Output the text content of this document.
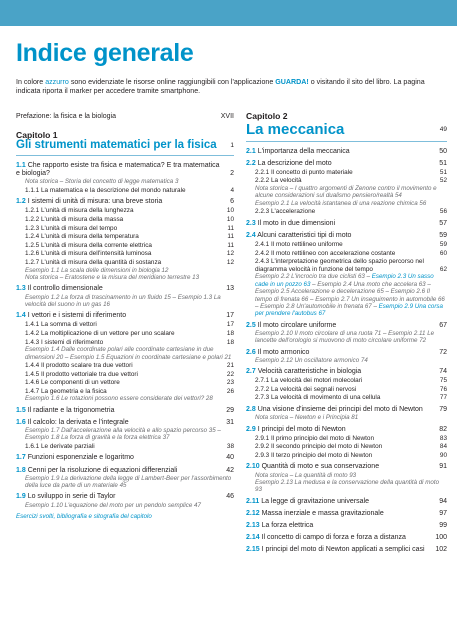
Indice generale
In colore azzurro sono evidenziate le risorse online raggiungibili con l'applicazione GUARDA! o visitando il sito del libro. La pagina indicata riporta il marker per accedere tramite smartphone.
Prefazione: la fisica e la biologia	XVII
Capitolo 1
Gli strumenti matematici per la fisica 1
1.1 Che rapporto esiste tra fisica e matematica? E tra matematica e biologia?	2
Nota storica – Storia del concetto di legge matematica 3
1.1.1 La matematica e la descrizione del mondo naturale	4
1.2 I sistemi di unità di misura: una breve storia	6
1.2.1 L'unità di misura della lunghezza	10
1.2.2 L'unità di misura della massa	10
1.2.3 L'unità di misura del tempo	11
1.2.4 L'unità di misura della temperatura	11
1.2.5 L'unità di misura della corrente elettrica	11
1.2.6 L'unità di misura dell'intensità luminosa	12
1.2.7 L'unità di misura della quantità di sostanza	12
Esempio 1.1 La scala delle dimensioni in biologia 12
Nota storica – Eratostene e la misura del meridiano terrestre 13
1.3 Il controllo dimensionale	13
Esempio 1.2 La forza di trascinamento in un fluido 15 – Esempio 1.3 La velocità del suono in un gas 16
1.4 I vettori e i sistemi di riferimento	17
1.4.1 La somma di vettori	17
1.4.2 La moltiplicazione di un vettore per uno scalare	18
1.4.3 I sistemi di riferimento	18
Esempio 1.4 Dalle coordinate polari alle coordinate cartesiane in due dimensioni 20 – Esempio 1.5 Equazioni in coordinate cartesiane e polari 21
1.4.4 Il prodotto scalare tra due vettori	21
1.4.5 Il prodotto vettoriale tra due vettori	22
1.4.6 Le componenti di un vettore	23
1.4.7 La geometria e la fisica	26
Esempio 1.6 Le rotazioni possono essere considerate dei vettori? 28
1.5 Il radiante e la trigonometria	29
1.6 Il calcolo: la derivata e l'integrale	31
Esempio 1.7 Dall'accelerazione alla velocità e allo spazio percorso 35 – Esempio 1.8 La forza di gravità e la forza elettrica 37
1.6.1 Le derivate parziali	38
1.7 Funzioni esponenziale e logaritmo	40
1.8 Cenni per la risoluzione di equazioni differenziali	42
Esempio 1.9 La derivazione della legge di Lambert-Beer per l'assorbimento della luce da parte di un materiale 45
1.9 Lo sviluppo in serie di Taylor	46
Esempio 1.10 L'equazione del moto per un pendolo semplice 47
Esercizi svolti, bibliografia e sitografia del capitolo
Capitolo 2
La meccanica	49
2.1 L'importanza della meccanica	50
2.2 La descrizione del moto	51
2.2.1 Il concetto di punto materiale	51
2.2.2 La velocità	52
Nota storica – I quattro argomenti di Zenone contro il movimento e alcune considerazioni sul dualismo pensiero/realtà 54
Esempio 2.1 La velocità istantanea di una reazione chimica 56
2.2.3 L'accelerazione	56
2.3 Il moto in due dimensioni	57
2.4 Alcuni caratteristici tipi di moto	59
2.4.1 Il moto rettilineo uniforme	59
2.4.2 Il moto rettilineo con accelerazione costante	60
2.4.3 L'interpretazione geometrica dello spazio percorso nel diagramma velocità in funzione del tempo	62
Esempio 2.2 L'incrocio tra due ciclisti 63 – Esempio 2.3 Un sasso cade in un pozzo 63 – Esempio 2.4 Una moto che accelera 63 – Esempio 2.5 Accelerazione e decelerazione 65 – Esempio 2.6 Il tempo di frenata 66 – Esempio 2.7 Un inseguimento in automobile 66 – Esempio 2.8 Un'automobile in frenata 67 – Esempio 2.9 Una corsa per prendere l'autobus 67
2.5 Il moto circolare uniforme	67
Esempio 2.10 Il moto circolare di una ruota 71 – Esempio 2.11 Le lancette dell'orologio si muovono di moto circolare uniforme 72
2.6 Il moto armonico	72
Esempio 2.12 Un oscillatore armonico 74
2.7 Velocità caratteristiche in biologia	74
2.7.1 La velocità dei motori molecolari	75
2.7.2 La velocità dei segnali nervosi	76
2.7.3 La velocità di movimento di una cellula	77
2.8 Una visione d'insieme dei principi del moto di Newton	79
Nota storica – Newton e i Principia 81
2.9 I principi del moto di Newton	82
2.9.1 Il primo principio del moto di Newton	83
2.9.2 Il secondo principio del moto di Newton	84
2.9.3 Il terzo principio del moto di Newton	90
2.10 Quantità di moto e sua conservazione	91
Nota storica – La quantità di moto 93
Esempio 2.13 La medusa e la conservazione della quantità di moto 93
2.11 La legge di gravitazione universale	94
2.12 Massa inerziale e massa gravitazionale	97
2.13 La forza elettrica	99
2.14 Il concetto di campo di forza e forza a distanza	100
2.15 I principi del moto di Newton applicati a semplici casi	102
